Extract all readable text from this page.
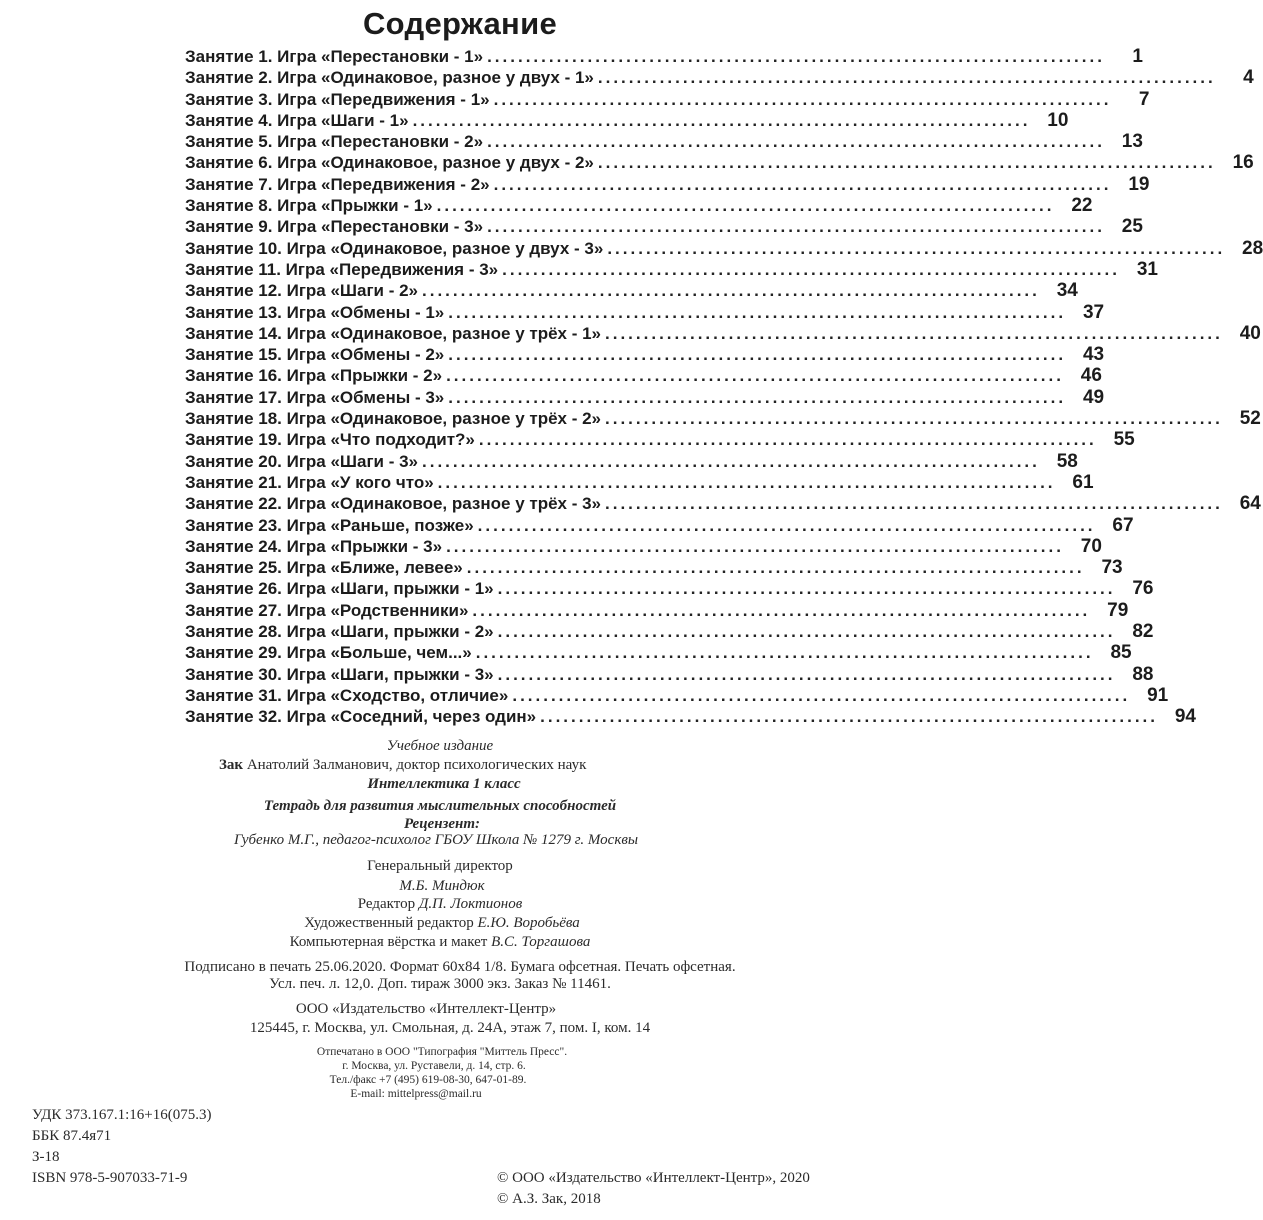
Содержание
Занятие 1. Игра «Перестановки - 1» ................................................................................	1
Занятие 2. Игра «Одинаковое, разное у двух - 1» ................................................................................	4
Занятие 3. Игра «Передвижения - 1» ................................................................................	7
Занятие 4. Игра «Шаги - 1» ................................................................................ 10
Занятие 5. Игра «Перестановки - 2» ................................................................................ 13
Занятие 6. Игра «Одинаковое, разное у двух - 2» ................................................................................ 16
Занятие 7. Игра «Передвижения - 2» ................................................................................ 19
Занятие 8. Игра «Прыжки - 1» ................................................................................ 22
Занятие 9. Игра «Перестановки - 3» ................................................................................ 25
Занятие 10. Игра «Одинаковое, разное у двух - 3» ................................................................................ 28
Занятие 11. Игра «Передвижения - 3» ................................................................................ 31
Занятие 12. Игра «Шаги - 2» ................................................................................ 34
Занятие 13. Игра «Обмены - 1» ................................................................................ 37
Занятие 14. Игра «Одинаковое, разное у трёх - 1» ................................................................................ 40
Занятие 15. Игра «Обмены - 2» ................................................................................ 43
Занятие 16. Игра «Прыжки - 2» ................................................................................ 46
Занятие 17. Игра «Обмены - 3» ................................................................................ 49
Занятие 18. Игра «Одинаковое, разное у трёх - 2» ................................................................................ 52
Занятие 19. Игра «Что подходит?» ................................................................................ 55
Занятие 20. Игра «Шаги - 3» ................................................................................ 58
Занятие 21. Игра «У кого что» ................................................................................ 61
Занятие 22. Игра «Одинаковое, разное у трёх - 3» ................................................................................ 64
Занятие 23. Игра «Раньше, позже» ................................................................................ 67
Занятие 24. Игра «Прыжки - 3» ................................................................................ 70
Занятие 25. Игра «Ближе, левее» ................................................................................ 73
Занятие 26. Игра «Шаги, прыжки - 1» ................................................................................ 76
Занятие 27. Игра «Родственники» ................................................................................ 79
Занятие 28. Игра «Шаги, прыжки - 2» ................................................................................ 82
Занятие 29. Игра «Больше, чем...» ................................................................................ 85
Занятие 30. Игра «Шаги, прыжки - 3» ................................................................................ 88
Занятие 31. Игра «Сходство, отличие» ................................................................................ 91
Занятие 32. Игра «Соседний, через один» ................................................................................ 94
Учебное издание
Зак Анатолий Залманович, доктор психологических наук
Интеллектика 1 класс
Тетрадь для развития мыслительных способностей
Рецензент:
Губенко М.Г., педагог-психолог ГБОУ Школа № 1279 г. Москвы
Генеральный директор
М.Б. Миндюк
Редактор Д.П. Локтионов
Художественный редактор Е.Ю. Воробьёва
Компьютерная вёрстка и макет В.С. Торгашова
Подписано в печать 25.06.2020. Формат 60х84 1/8. Бумага офсетная. Печать офсетная.
Усл. печ. л. 12,0. Доп. тираж 3000 экз. Заказ № 11461.
ООО «Издательство «Интеллект-Центр»
125445, г. Москва, ул. Смольная, д. 24А, этаж 7, пом. I, ком. 14
Отпечатано в ООО "Типография "Миттель Пресс".
г. Москва, ул. Руставели, д. 14, стр. 6.
Тел./факс +7 (495) 619-08-30, 647-01-89.
E-mail: mittelpress@mail.ru
УДК 373.167.1:16+16(075.3)
ББК 87.4я71
З-18
ISBN 978-5-907033-71-9	© ООО «Издательство «Интеллект-Центр», 2020
© А.З. Зак, 2018
